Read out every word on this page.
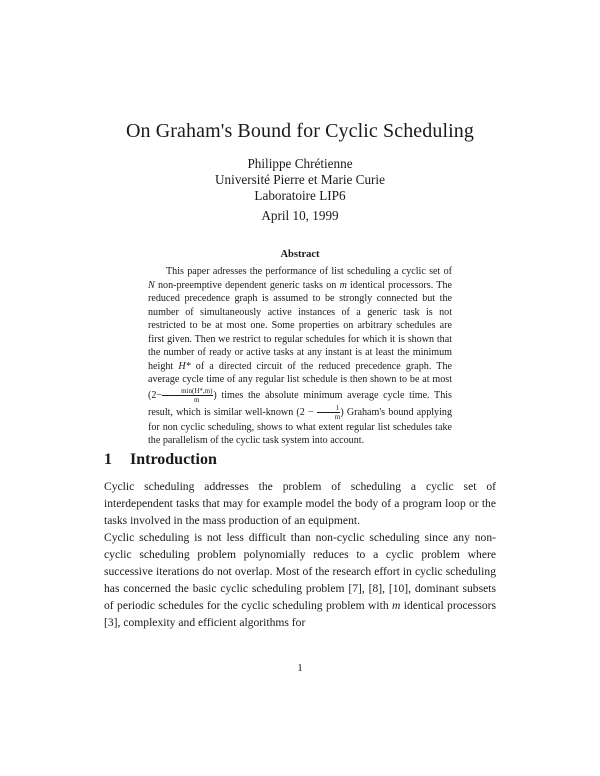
On Graham's Bound for Cyclic Scheduling
Philippe Chrétienne
Université Pierre et Marie Curie
Laboratoire LIP6
April 10, 1999
Abstract

This paper adresses the performance of list scheduling a cyclic set of N non-preemptive dependent generic tasks on m identical processors. The reduced precedence graph is assumed to be strongly connected but the number of simultaneously active instances of a generic task is not restricted to be at most one. Some properties on arbitrary schedules are first given. Then we restrict to regular schedules for which it is shown that the number of ready or active tasks at any instant is at least the minimum height H* of a directed circuit of the reduced precedence graph. The average cycle time of any regular list schedule is then shown to be at most ($2- \frac{\min(H*,m)}{m}$ ) times the absolute minimum average cycle time. This result, which is similar well-known ($2 - \frac{1}{m}$ ) Graham's bound applying for non cyclic scheduling, shows to what extent regular list schedules take the parallelism of the cyclic task system into account.

1 Introduction

Cyclic scheduling addresses the problem of scheduling a cyclic set of interdependent tasks that may for example model the body of a program loop or the tasks involved in the mass production of an equipment.

Cyclic scheduling is not less difficult than non-cyclic scheduling since any non-cyclic scheduling problem polynomially reduces to a cyclic problem where successive iterations do not overlap. Most of the research effort in cyclic scheduling has concerned the basic cyclic scheduling problem [7], [8], [10], dominant subsets of periodic schedules for the cyclic scheduling problem with m identical processors [3], complexity and efficient algorithms for

1
